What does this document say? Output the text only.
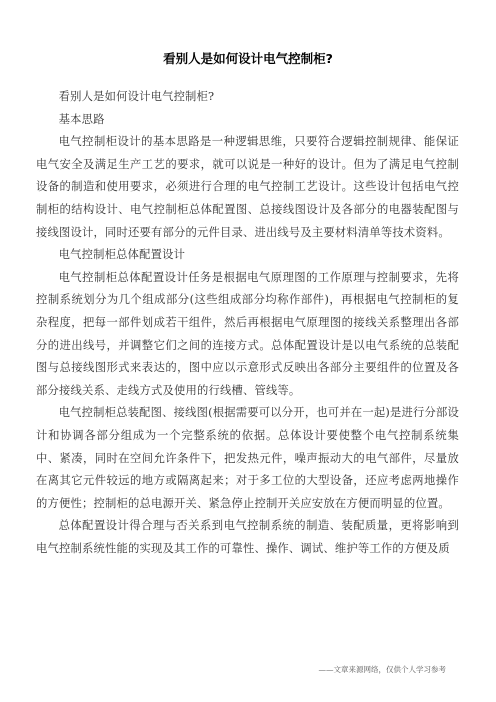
看别人是如何设计电气控制柜?

看别人是如何设计电气控制柜?

基本思路

电气控制柜设计的基本思路是一种逻辑思维，只要符合逻辑控制规律、能保证电气安全及满足生产工艺的要求，就可以说是一种好的设计。但为了满足电气控制设备的制造和使用要求，必须进行合理的电气控制工艺设计。这些设计包括电气控制柜的结构设计、电气控制柜总体配置图、总接线图设计及各部分的电器装配图与接线图设计，同时还要有部分的元件目录、进出线号及主要材料清单等技术资料。

电气控制柜总体配置设计

电气控制柜总体配置设计任务是根据电气原理图的工作原理与控制要求，先将控制系统划分为几个组成部分(这些组成部分均称作部件)，再根据电气控制柜的复杂程度，把每一部件划成若干组件，然后再根据电气原理图的接线关系整理出各部分的进出线号，并调整它们之间的连接方式。总体配置设计是以电气系统的总装配图与总接线图形式来表达的，图中应以示意形式反映出各部分主要组件的位置及各部分接线关系、走线方式及使用的行线槽、管线等。

电气控制柜总装配图、接线图(根据需要可以分开，也可并在一起)是进行分部设计和协调各部分组成为一个完整系统的依据。总体设计要使整个电气控制系统集中、紧凑，同时在空间允许条件下，把发热元件，噪声振动大的电气部件，尽量放在离其它元件较远的地方或隔离起来；对于多工位的大型设备，还应考虑两地操作的方便性；控制柜的总电源开关、紧急停止控制开关应安放在方便而明显的位置。

总体配置设计得合理与否关系到电气控制系统的制造、装配质量，更将影响到电气控制系统性能的实现及其工作的可靠性、操作、调试、维护等工作的方便及质

——文章来源网络，仅供个人学习参考
